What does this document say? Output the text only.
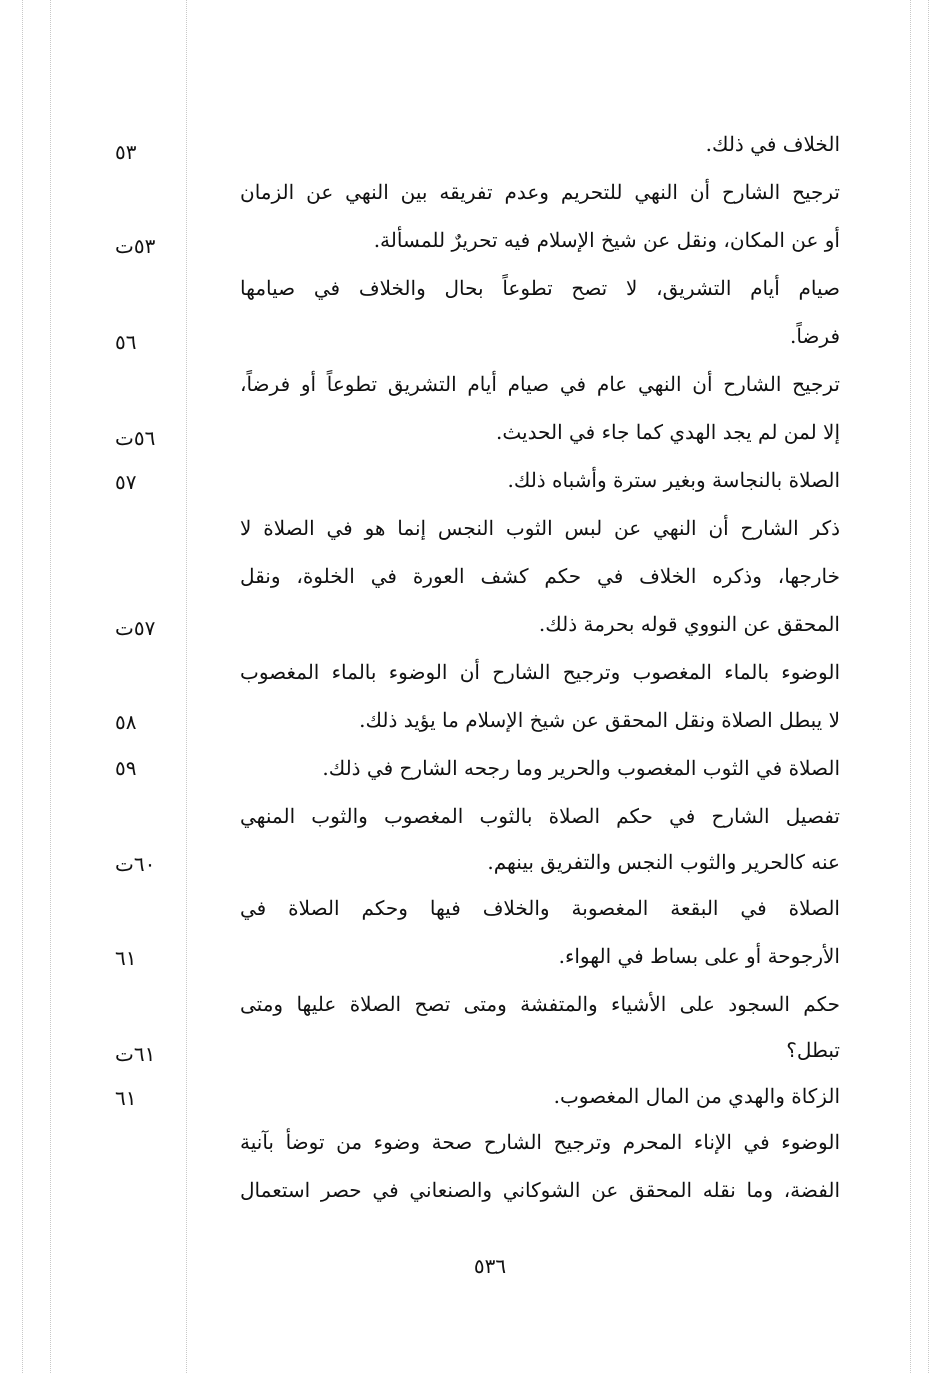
الخلاف في ذلك.
٥٣
ترجيح الشارح أن النهي للتحريم وعدم تفريقه بين النهي عن الزمان
أو عن المكان، ونقل عن شيخ الإسلام فيه تحريرٌ للمسألة.
٥٣ت
صيام أيام التشريق، لا تصح تطوعاً بحال والخلاف في صيامها
فرضاً.
٥٦
ترجيح الشارح أن النهي عام في صيام أيام التشريق تطوعاً أو فرضاً،
إلا لمن لم يجد الهدي كما جاء في الحديث.
٥٦ت
الصلاة بالنجاسة وبغير سترة وأشباه ذلك.
٥٧
ذكر الشارح أن النهي عن لبس الثوب النجس إنما هو في الصلاة لا
خارجها، وذكره الخلاف في حكم كشف العورة في الخلوة، ونقل
المحقق عن النووي قوله بحرمة ذلك.
٥٧ت
الوضوء بالماء المغصوب وترجيح الشارح أن الوضوء بالماء المغصوب
لا يبطل الصلاة ونقل المحقق عن شيخ الإسلام ما يؤيد ذلك.
٥٨
الصلاة في الثوب المغصوب والحرير وما رجحه الشارح في ذلك.
٥٩
تفصيل الشارح في حكم الصلاة بالثوب المغصوب والثوب المنهي
عنه كالحرير والثوب النجس والتفريق بينهم.
٦٠ت
الصلاة في البقعة المغصوبة والخلاف فيها وحكم الصلاة في
الأرجوحة أو على بساط في الهواء.
٦١
حكم السجود على الأشياء والمتفشة ومتى تصح الصلاة عليها ومتى
تبطل؟
٦١ت
الزكاة والهدي من المال المغصوب.
٦١
الوضوء في الإناء المحرم وترجيح الشارح صحة وضوء من توضأ بآنية
الفضة، وما نقله المحقق عن الشوكاني والصنعاني في حصر استعمال
٥٣٦
